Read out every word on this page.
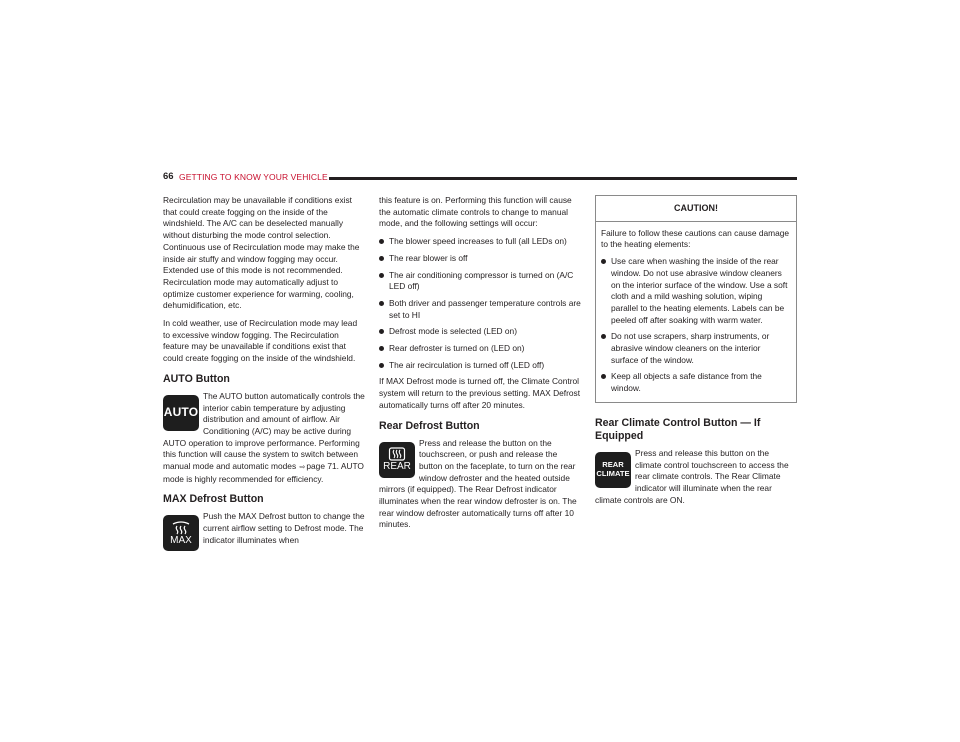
66 GETTING TO KNOW YOUR VEHICLE

Recirculation may be unavailable if conditions exist that could create fogging on the inside of the windshield. The A/C can be deselected manually without disturbing the mode control selection. Continuous use of Recirculation mode may make the inside air stuffy and window fogging may occur. Extended use of this mode is not recommended. Recirculation mode may automatically adjust to optimize customer experience for warming, cooling, dehumidification, etc.

In cold weather, use of Recirculation mode may lead to excessive window fogging. The Recirculation feature may be unavailable if conditions exist that could create fogging on the inside of the windshield.

AUTO Button
AUTO

The AUTO button automatically controls the interior cabin temperature by adjusting distribution and amount of airflow. Air Conditioning (A/C) may be active during AUTO operation to improve performance. Performing this function will cause the system to switch between manual mode and automatic modes ⇨page 71. AUTO mode is highly recommended for efficiency.

MAX Defrost Button
MAX

Push the MAX Defrost button to change the current airflow setting to Defrost mode. The indicator illuminates when

this feature is on. Performing this function will cause the automatic climate controls to change to manual mode, and the following settings will occur:

The blower speed increases to full (all LEDs on)
The rear blower is off
The air conditioning compressor is turned on (A/C LED off)
Both driver and passenger temperature controls are set to HI
Defrost mode is selected (LED on)
Rear defroster is turned on (LED on)
The air recirculation is turned off (LED off)

If MAX Defrost mode is turned off, the Climate Control system will return to the previous setting. MAX Defrost automatically turns off after 20 minutes.

Rear Defrost Button
REAR

Press and release the button on the touchscreen, or push and release the button on the faceplate, to turn on the rear window defroster and the heated outside mirrors (if equipped). The Rear Defrost indicator illuminates when the rear window defroster is on. The rear window defroster automatically turns off after 10 minutes.

CAUTION!

Failure to follow these cautions can cause damage to the heating elements:

Use care when washing the inside of the rear window. Do not use abrasive window cleaners on the interior surface of the window. Use a soft cloth and a mild washing solution, wiping parallel to the heating elements. Labels can be peeled off after soaking with warm water.
Do not use scrapers, sharp instruments, or abrasive window cleaners on the interior surface of the window.
Keep all objects a safe distance from the window.
Rear Climate Control Button — If Equipped
REAR
CLIMATE

Press and release this button on the climate control touchscreen to access the rear climate controls. The Rear Climate indicator will illuminate when the rear climate controls are ON.
